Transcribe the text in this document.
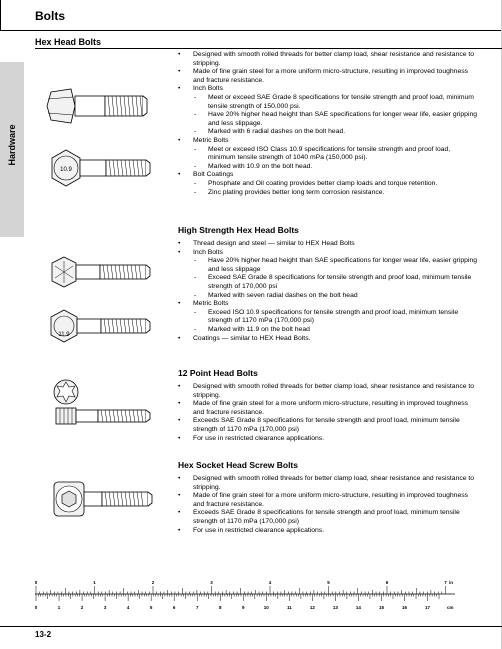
Bolts
Hardware
Hex Head Bolts
High Strength Hex Head Bolts
12 Point Head Bolts
Hex Socket Head Screw Bolts
• Designed with smooth rolled threads for better clamp load, shear resistance and resistance to stripping.
• Made of fine grain steel for a more uniform micro-structure, resulting in improved toughness and fracture resistance.
• Inch Bolts
- Meet or exceed SAE Grade 8 specifications for tensile strength and proof load, minimum tensile strength of 150,000 psi.
- Have 20% higher head height than SAE specifications for longer wear life, easier gripping and less slippage.
- Marked with 6 radial dashes on the bolt head.
• Metric Bolts
- Meet or exceed ISO Class 10.9 specifications for tensile strength and proof load, minimum tensile strength of 1040 mPa (150,000 psi).
- Marked with 10.9 on the bolt head.
• Bolt Coatings
- Phosphate and Oil coating provides better clamp loads and torque retention.
- Zinc plating provides better long term corrosion resistance.
• Thread design and steel — similar to HEX Head Bolts
• Inch Bolts
- Have 20% higher head height than SAE specifications for longer wear life, easier gripping and less slippage
- Exceed SAE Grade 8 specifications for tensile strength and proof load, minimum tensile strength of 170,000 psi
- Marked with seven radial dashes on the bolt head
• Metric Bolts
- Exceed ISO 10.9 specifications for tensile strength and proof load, minimum tensile strength of 1170 mPa (170,000 psi)
- Marked with 11.9 on the bolt head
• Coatings — similar to HEX Head Bolts.
• Designed with smooth rolled threads for better clamp load, shear resistance and resistance to stripping.
• Made of fine grain steel for a more uniform micro-structure, resulting in improved toughness and fracture resistance.
• Exceeds SAE Grade 8 specifications for tensile strength and proof load, minimum tensile strength of 1170 mPa (170,000 psi)
• For use in restricted clearance applications.
• Designed with smooth rolled threads for better clamp load, shear resistance and resistance to stripping.
• Made of fine grain steel for a more uniform micro-structure, resulting in improved toughness and fracture resistance.
• Exceeds SAE Grade 8 specifications for tensile strength and proof load, minimum tensile strength of 1170 mPa (170,000 psi)
• For use in restricted clearance applications.
10.9
11.9
0	1	2	3	4	5	6	7 in
0	1	2	3	4	5	6	7	8	9	10	11	12	13	14	15	16	17	cm
13-2
